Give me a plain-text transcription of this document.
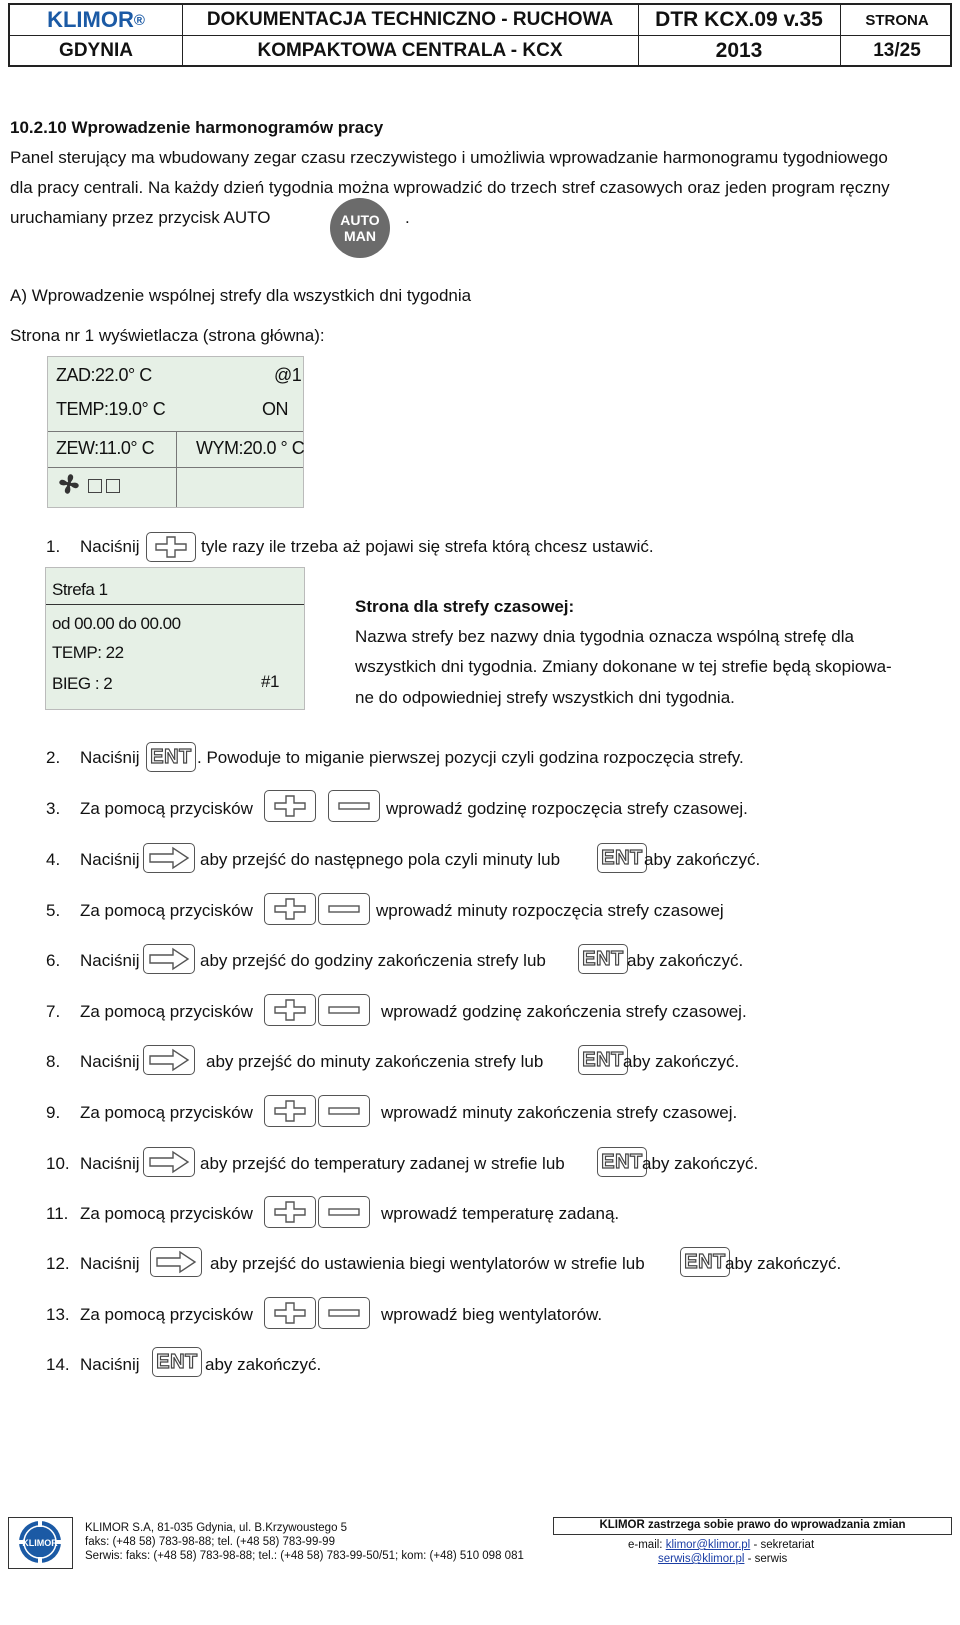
KLIMOR ®	DOKUMENTACJA TECHNICZNO - RUCHOWA	DTR KCX.09 v.35	STRONA
GDYNIA	KOMPAKTOWA CENTRALA - KCX	2013	13/25
10.2.10 Wprowadzenie harmonogramów pracy
Panel sterujący ma wbudowany zegar czasu rzeczywistego i umożliwia wprowadzanie harmonogramu tygodniowego
dla pracy centrali. Na każdy dzień tygodnia można wprowadzić do trzech stref czasowych oraz jeden program ręczny
uruchamiany przez przycisk AUTO	AUTO
MAN
.
A) Wprowadzenie wspólnej strefy dla wszystkich dni tygodnia
Strona nr 1 wyświetlacza (strona główna):
ZAD:22.0° C	@1
TEMP:19.0° C	ON
ZEW:11.0° C WYM:20.0 ° C
1. Naciśnij	tyle razy ile trzeba aż pojawi się strefa którą chcesz ustawić.
Strefa 1
od 00.00 do 00.00
TEMP: 22
BIEG : 2	#1
Strona dla strefy czasowej:
Nazwa strefy bez nazwy dnia tygodnia oznacza wspólną strefę dla
wszystkich dni tygodnia. Zmiany dokonane w tej strefie będą skopiowa-
ne do odpowiedniej strefy wszystkich dni tygodnia.
2. Naciśnij ENT . Powoduje to miganie pierwszej pozycji czyli godzina rozpoczęcia strefy.
3. Za pomocą przycisków	wprowadź godzinę rozpoczęcia strefy czasowej.
4. Naciśnij	aby przejść do następnego pola czyli minuty lub ENT aby zakończyć.
5. Za pomocą przycisków	wprowadź minuty rozpoczęcia strefy czasowej
6. Naciśnij	aby przejść do godziny zakończenia strefy lub ENT aby zakończyć.
7. Za pomocą przycisków	wprowadź godzinę zakończenia strefy czasowej.
8. Naciśnij	aby przejść do minuty zakończenia strefy lub ENT aby zakończyć.
9. Za pomocą przycisków	wprowadź minuty zakończenia strefy czasowej.
10. Naciśnij	aby przejść do temperatury zadanej w strefie lub ENT aby zakończyć.
11. Za pomocą przycisków	wprowadź temperaturę zadaną.
12. Naciśnij	aby przejść do ustawienia biegi wentylatorów w strefie lub ENT aby zakończyć.
13. Za pomocą przycisków	wprowadź bieg wentylatorów.
14. Naciśnij ENT aby zakończyć.
KLIMOR
KLIMOR S.A, 81-035 Gdynia, ul. B.Krzywoustego 5
faks: (+48 58) 783-98-88; tel. (+48 58) 783-99-99
Serwis: faks: (+48 58) 783-98-88; tel.: (+48 58) 783-99-50/51; kom: (+48) 510 098 081
KLIMOR zastrzega sobie prawo do wprowadzania zmian
e-mail: klimor@klimor.pl - sekretariat
serwis@klimor.pl - serwis
